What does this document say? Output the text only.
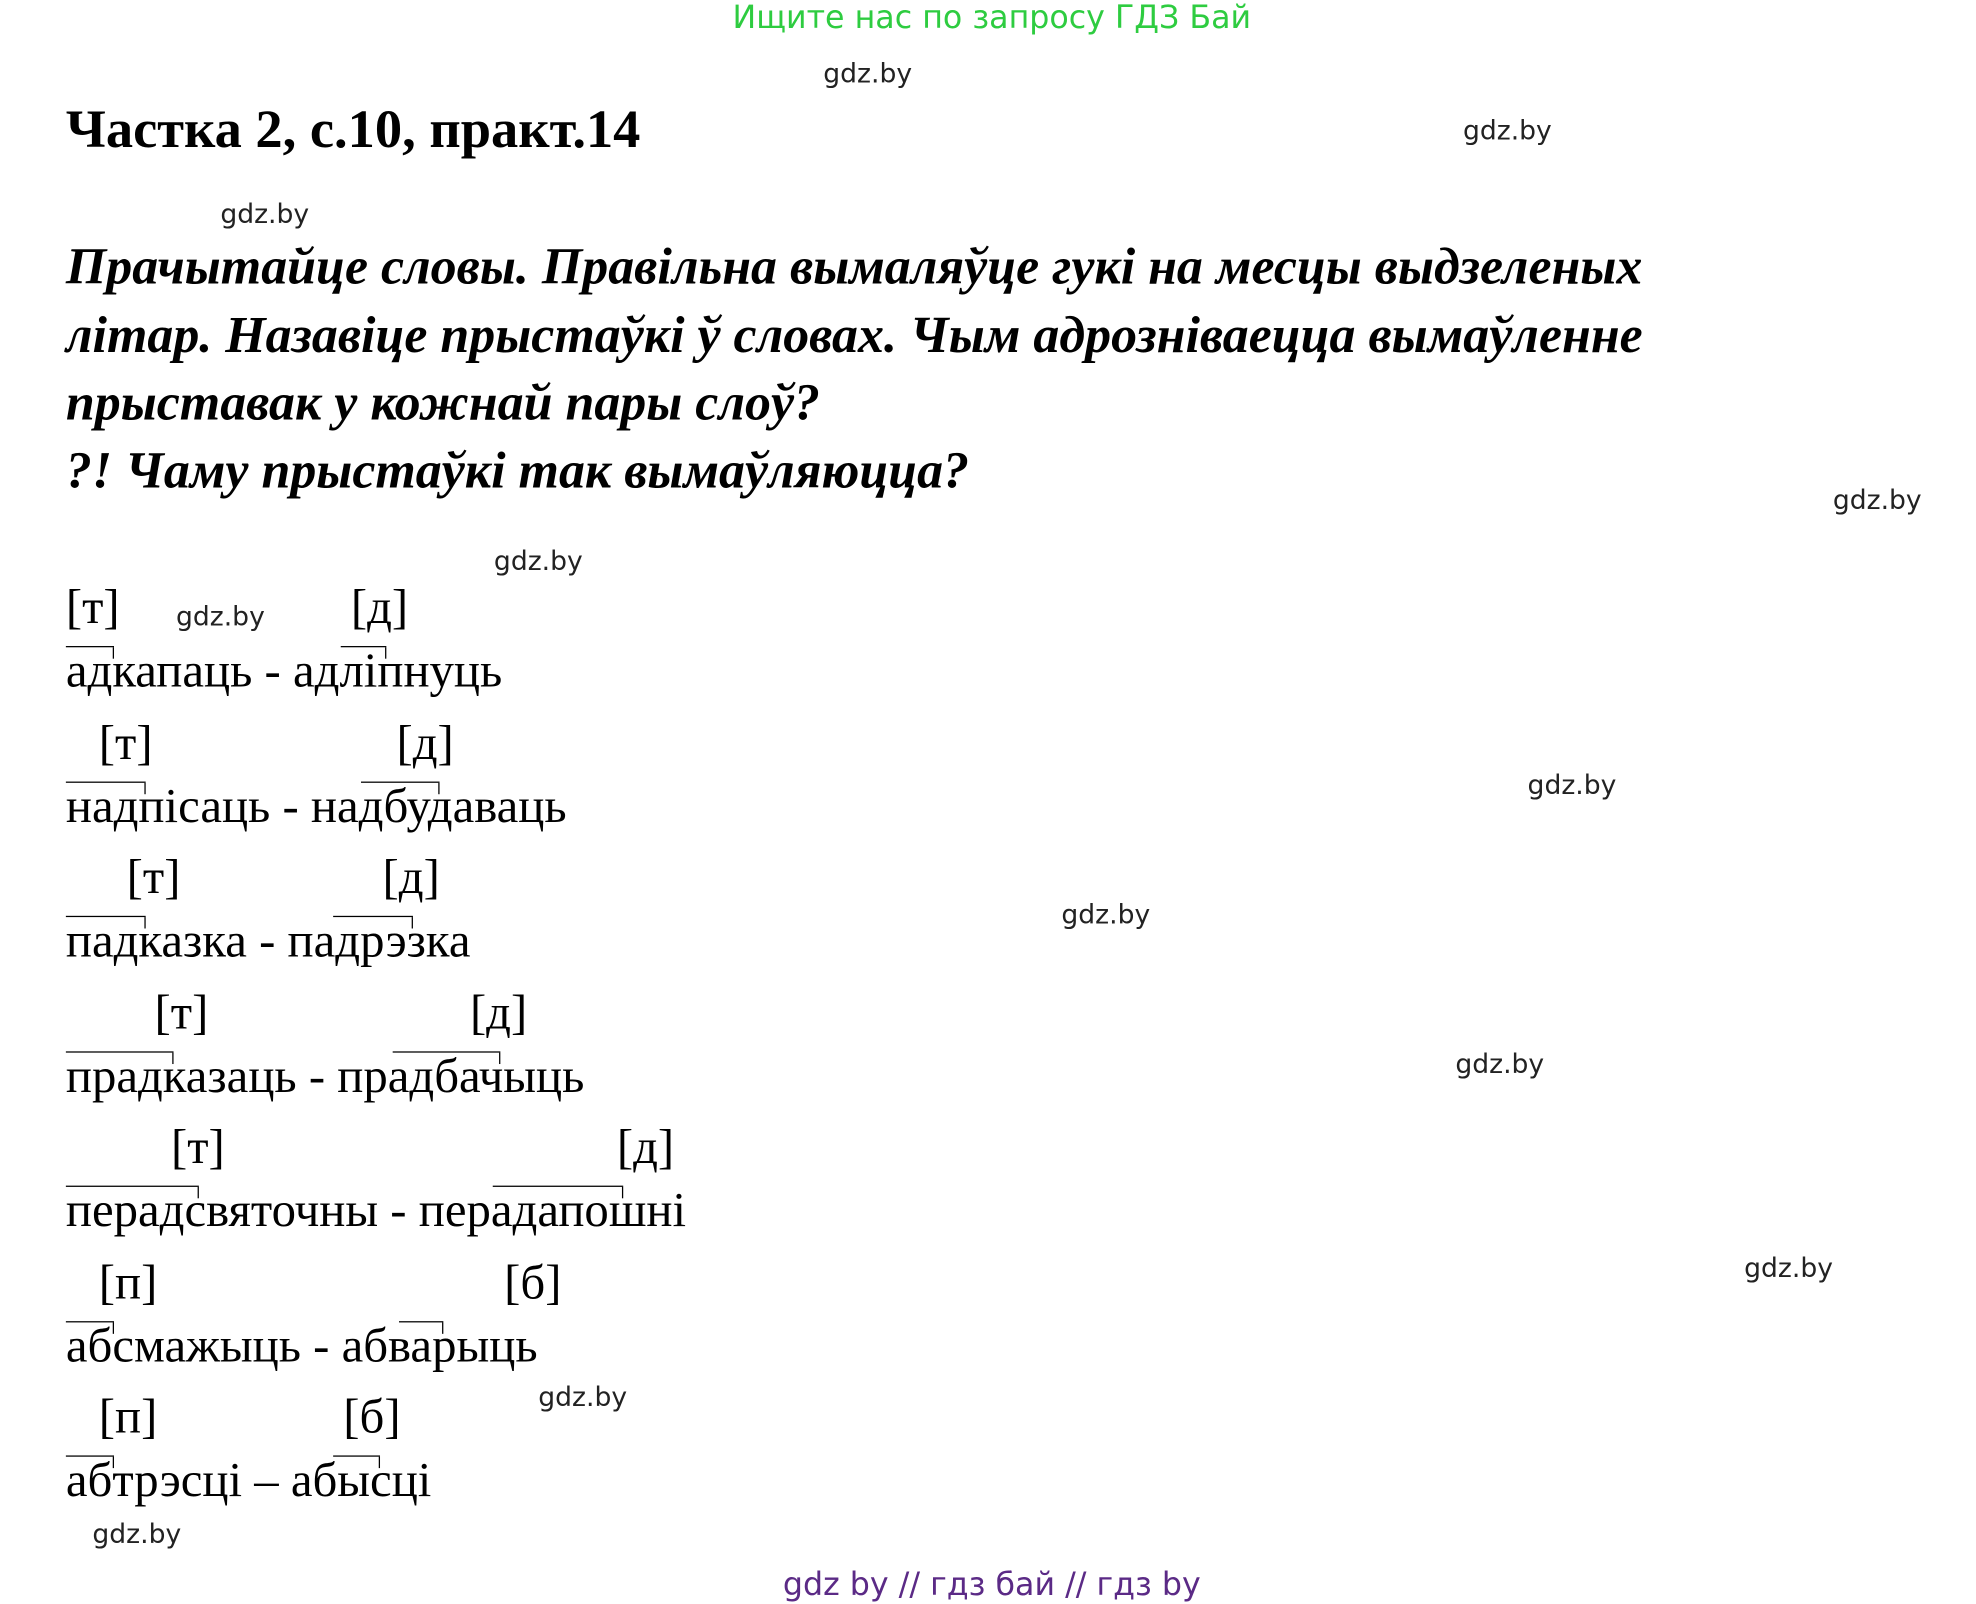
Ищите нас по запросу ГДЗ Бай
Частка 2, с.10, практ.14
Прачытайце словы. Правільна вымаляўце гукі на месцы выдзеленых
літар. Назавіце прыстаўкі ў словах. Чым адрозніваецца вымаўленне
прыставак у кожнай пары слоў?
?! Чаму прыстаўкі так вымаўляюцца?
[т]	[д]
адкапаць - адліпнуць
[т]	[д]
надпісаць - надбудаваць
[т]	[д]
падказка - падрэзка
[т]	[д]
прадказаць - прадбачыць
[т]	[д]
перадсвяточны - перадапошні
[п]	[б]
абсмажыць - абварыць
[п]	[б]
абтрэсці – абысці
gdz.by
gdz.by
gdz.by
gdz.by
gdz.by
gdz.by
gdz.by
gdz.by
gdz.by
gdz.by
gdz.by
gdz.by
gdz by // гдз бай // гдз by
